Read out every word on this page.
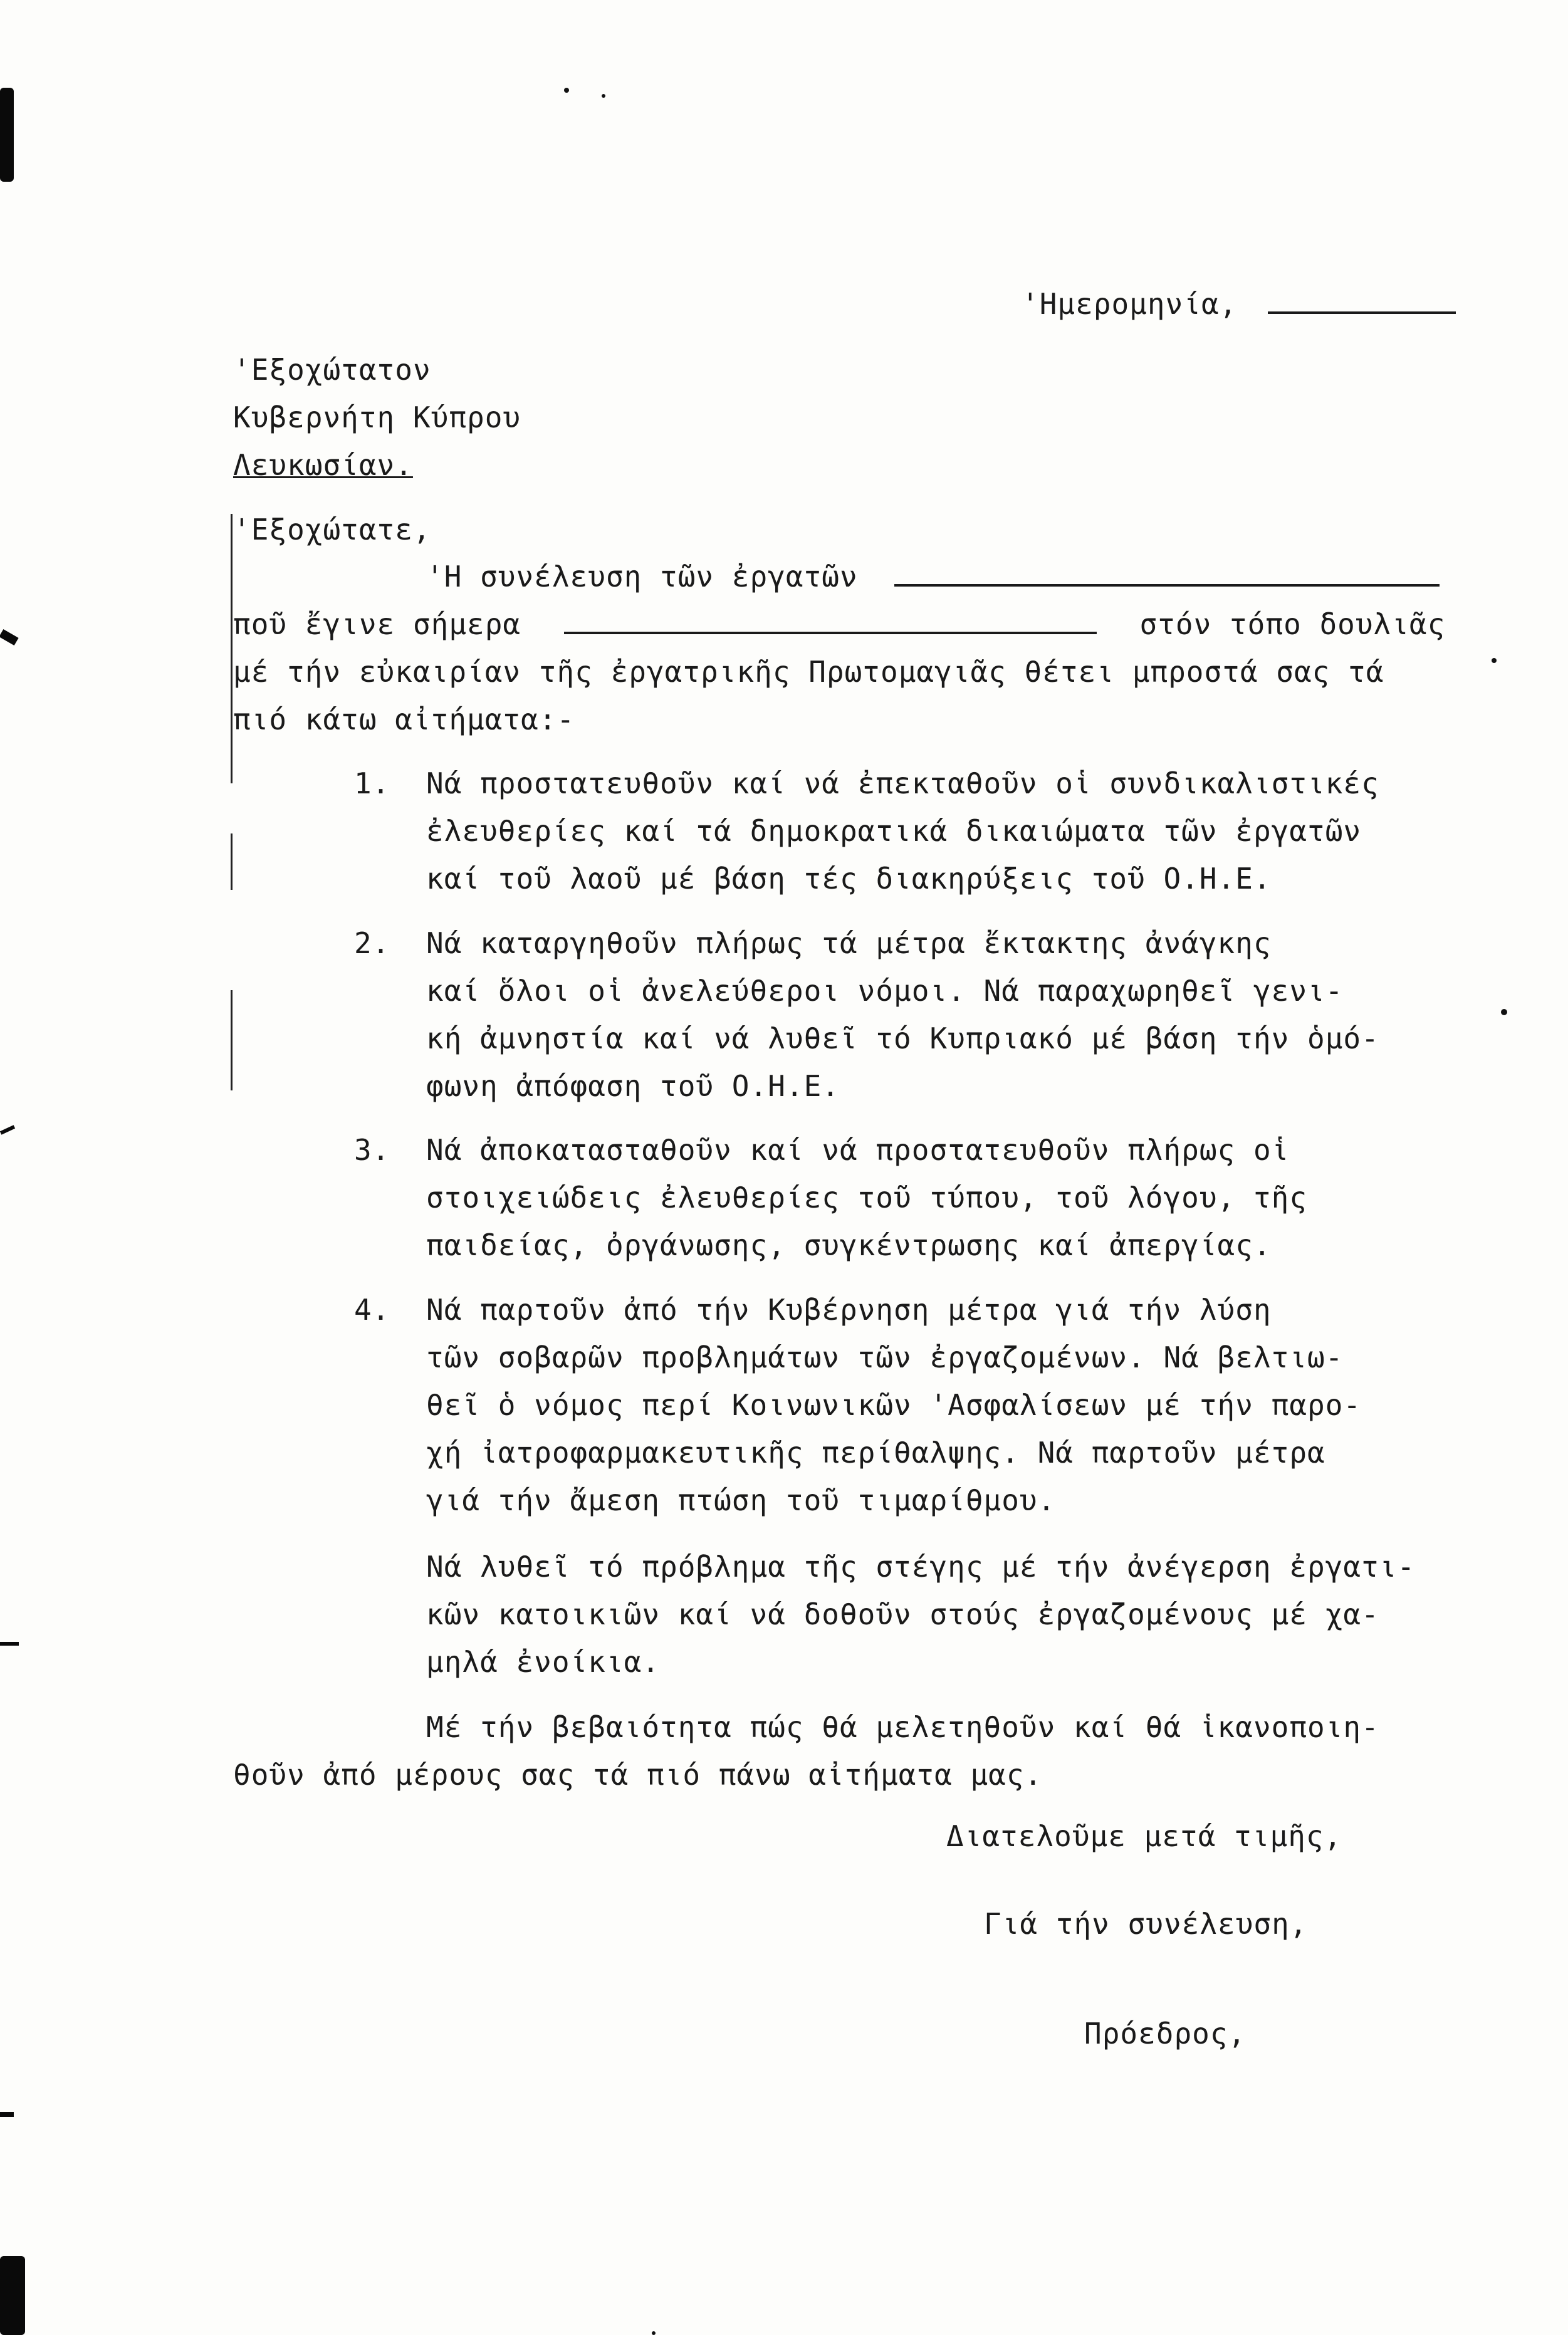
'Ημερομηνία,
'Εξοχώτατον
Κυβερνήτη Κύπρου
Λευκωσίαν.
'Εξοχώτατε,
'Η συνέλευση τῶν ἐργατῶν
ποῦ ἔγινε σήμερα	στόν τόπο δουλιᾶς
μέ τήν εὐκαιρίαν τῆς ἐργατρικῆς Πρωτομαγιᾶς θέτει μπροστά σας τά
πιό κάτω αἰτήματα:-
1. Νά προστατευθοῦν καί νά ἐπεκταθοῦν οἱ συνδικαλιστικές
ἐλευθερίες καί τά δημοκρατικά δικαιώματα τῶν ἐργατῶν
καί τοῦ λαοῦ μέ βάση τές διακηρύξεις τοῦ Ο.Η.Ε.
2. Νά καταργηθοῦν πλήρως τά μέτρα ἔκτακτης ἀνάγκης
καί ὅλοι οἱ ἀνελεύθεροι νόμοι. Νά παραχωρηθεῖ γενι-
κή ἀμνηστία καί νά λυθεῖ τό Κυπριακό μέ βάση τήν ὁμό-
φωνη ἀπόφαση τοῦ Ο.Η.Ε.
3. Νά ἀποκατασταθοῦν καί νά προστατευθοῦν πλήρως οἱ
στοιχειώδεις ἐλευθερίες τοῦ τύπου, τοῦ λόγου, τῆς
παιδείας, ὀργάνωσης, συγκέντρωσης καί ἀπεργίας.
4. Νά παρτοῦν ἀπό τήν Κυβέρνηση μέτρα γιά τήν λύση
τῶν σοβαρῶν προβλημάτων τῶν ἐργαζομένων. Νά βελτιω-
θεῖ ὁ νόμος περί Κοινωνικῶν 'Ασφαλίσεων μέ τήν παρο-
χή ἰατροφαρμακευτικῆς περίθαλψης. Νά παρτοῦν μέτρα
γιά τήν ἄμεση πτώση τοῦ τιμαρίθμου.
Νά λυθεῖ τό πρόβλημα τῆς στέγης μέ τήν ἀνέγερση ἐργατι-
κῶν κατοικιῶν καί νά δοθοῦν στούς ἐργαζομένους μέ χα-
μηλά ἐνοίκια.
Μέ τήν βεβαιότητα πώς θά μελετηθοῦν καί θά ἱκανοποιη-
θοῦν ἀπό μέρους σας τά πιό πάνω αἰτήματα μας.
Διατελοῦμε μετά τιμῆς,
Γιά τήν συνέλευση,
Πρόεδρος,
